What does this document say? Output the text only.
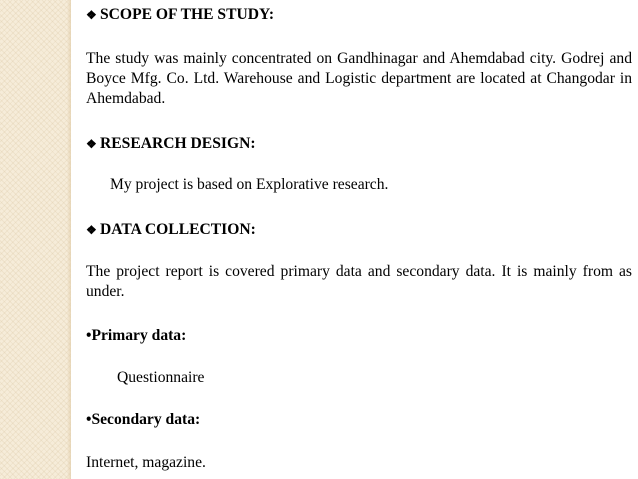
❖ SCOPE OF THE STUDY:
The study was mainly concentrated on Gandhinagar and Ahemdabad city. Godrej and Boyce Mfg. Co. Ltd. Warehouse and Logistic department are located at Changodar in Ahemdabad.
❖ RESEARCH DESIGN:
My project is based on Explorative research.
❖ DATA COLLECTION:
The project report is covered primary data and secondary data. It is mainly from as under.
•Primary data:
Questionnaire
•Secondary data:
Internet, magazine.
